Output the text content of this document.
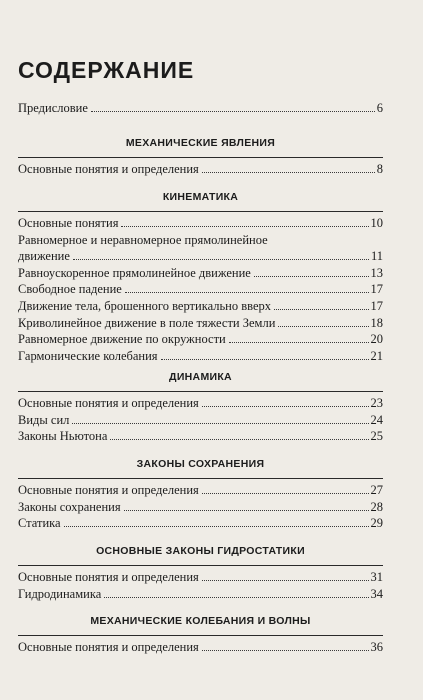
СОДЕРЖАНИЕ
Предисловие	6
МЕХАНИЧЕСКИЕ ЯВЛЕНИЯ
Основные понятия и определения	8
КИНЕМАТИКА
Основные понятия	10
Равномерное и неравномерное прямолинейное
движение	11
Равноускоренное прямолинейное движение	13
Свободное падение	17
Движение тела, брошенного вертикально вверх	17
Криволинейное движение в поле тяжести Земли	18
Равномерное движение по окружности	20
Гармонические колебания	21
ДИНАМИКА
Основные понятия и определения	23
Виды сил	24
Законы Ньютона	25
ЗАКОНЫ СОХРАНЕНИЯ
Основные понятия и определения	27
Законы сохранения	28
Статика	29
ОСНОВНЫЕ ЗАКОНЫ ГИДРОСТАТИКИ
Основные понятия и определения	31
Гидродинамика	34
МЕХАНИЧЕСКИЕ КОЛЕБАНИЯ И ВОЛНЫ
Основные понятия и определения	36
